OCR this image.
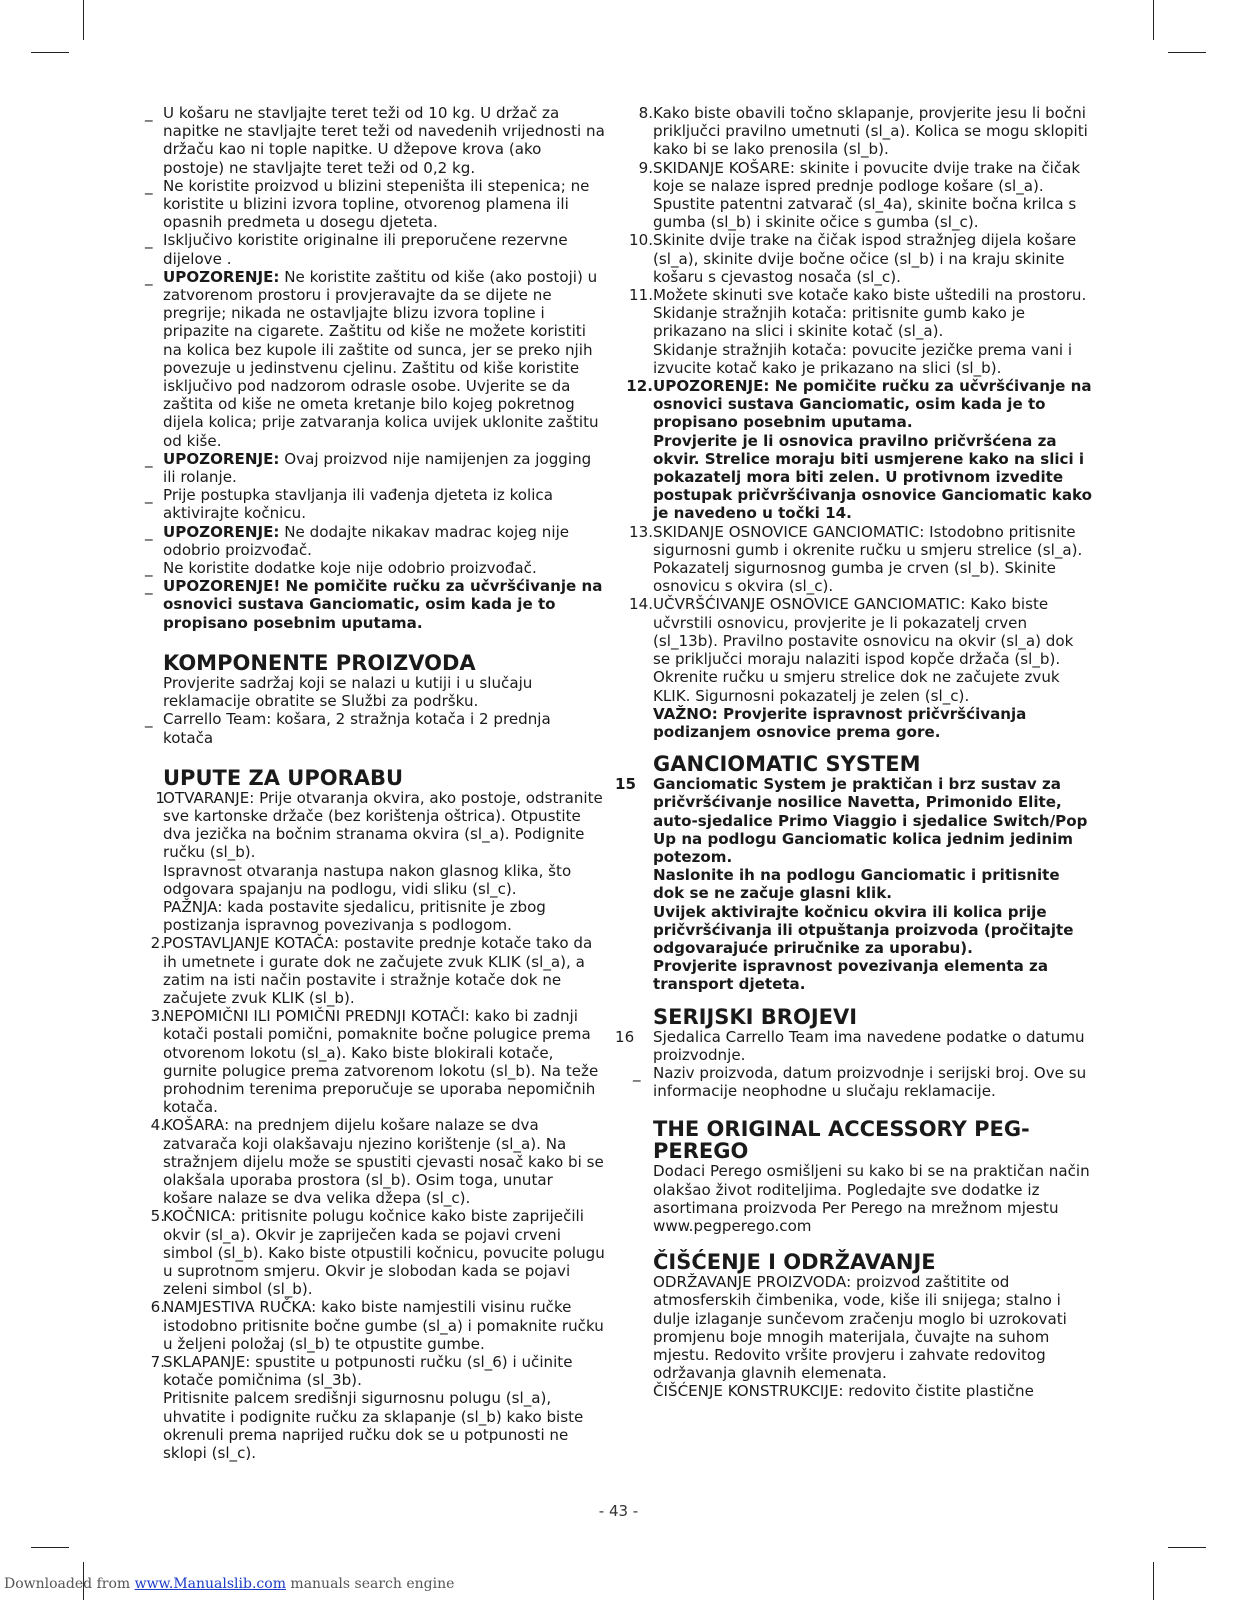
_ U košaru ne stavljajte teret teži od 10 kg. U držač za napitke ne stavljajte teret teži od navedenih vrijednosti na držaču kao ni tople napitke. U džepove krova (ako postoje) ne stavljajte teret teži od 0,2 kg.
_ Ne koristite proizvod u blizini stepeništa ili stepenica; ne koristite u blizini izvora topline, otvorenog plamena ili opasnih predmeta u dosegu djeteta.
_ Isključivo koristite originalne ili preporučene rezervne dijelove .
_ UPOZORENJE: Ne koristite zaštitu od kiše (ako postoji) u zatvorenom prostoru i provjeravajte da se dijete ne pregrije; nikada ne ostavljajte blizu izvora topline i pripazite na cigarete. Zaštitu od kiše ne možete koristiti na kolica bez kupole ili zaštite od sunca, jer se preko njih povezuje u jedinstvenu cjelinu. Zaštitu od kiše koristite isključivo pod nadzorom odrasle osobe. Uvjerite se da zaštita od kiše ne ometa kretanje bilo kojeg pokretnog dijela kolica; prije zatvaranja kolica uvijek uklonite zaštitu od kiše.
_ UPOZORENJE: Ovaj proizvod nije namijenjen za jogging ili rolanje.
_ Prije postupka stavljanja ili vađenja djeteta iz kolica aktivirajte kočnicu.
_ UPOZORENJE: Ne dodajte nikakav madrac kojeg nije odobrio proizvođač.
_ Ne koristite dodatke koje nije odobrio proizvođač.
_ UPOZORENJE! Ne pomičite ručku za učvršćivanje na osnovici sustava Ganciomatic, osim kada je to propisano posebnim uputama.
KOMPONENTE PROIZVODA
Provjerite sadržaj koji se nalazi u kutiji i u slučaju reklamacije obratite se Službi za podršku.
_ Carrello Team: košara, 2 stražnja kotača i 2 prednja kotača
UPUTE ZA UPORABU
1
OTVARANJE: Prije otvaranja okvira, ako postoje, odstranite sve kartonske držače (bez korištenja oštrica). Otpustite dva jezička na bočnim stranama okvira (sl_a). Podignite ručku (sl_b).
Ispravnost otvaranja nastupa nakon glasnog klika, što odgovara spajanju na podlogu, vidi sliku (sl_c).
PAŽNJA: kada postavite sjedalicu, pritisnite je zbog postizanja ispravnog povezivanja s podlogom.
2.
POSTAVLJANJE KOTAČA: postavite prednje kotače tako da ih umetnete i gurate dok ne začujete zvuk KLIK (sl_a), a zatim na isti način postavite i stražnje kotače dok ne začujete zvuk KLIK (sl_b).
3.
NEPOMIČNI ILI POMIČNI PREDNJI KOTAČI: kako bi zadnji kotači postali pomični, pomaknite bočne polugice prema otvorenom lokotu (sl_a). Kako biste blokirali kotače, gurnite polugice prema zatvorenom lokotu (sl_b). Na teže prohodnim terenima preporučuje se uporaba nepomičnih kotača.
4.
KOŠARA: na prednjem dijelu košare nalaze se dva zatvarača koji olakšavaju njezino korištenje (sl_a). Na stražnjem dijelu može se spustiti cjevasti nosač kako bi se olakšala uporaba prostora (sl_b). Osim toga, unutar košare nalaze se dva velika džepa (sl_c).
5.
KOČNICA: pritisnite polugu kočnice kako biste zapriječili okvir (sl_a). Okvir je zapriječen kada se pojavi crveni simbol (sl_b). Kako biste otpustili kočnicu, povucite polugu u suprotnom smjeru. Okvir je slobodan kada se pojavi zeleni simbol (sl_b).
6.
NAMJESTIVA RUČKA: kako biste namjestili visinu ručke istodobno pritisnite bočne gumbe (sl_a) i pomaknite ručku u željeni položaj (sl_b) te otpustite gumbe.
7.
SKLAPANJE: spustite u potpunosti ručku (sl_6) i učinite kotače pomičnima (sl_3b).
Pritisnite palcem središnji sigurnosnu polugu (sl_a), uhvatite i podignite ručku za sklapanje (sl_b) kako biste okrenuli prema naprijed ručku dok se u potpunosti ne sklopi (sl_c).
8. Kako biste obavili točno sklapanje, provjerite jesu li bočni priključci pravilno umetnuti (sl_a). Kolica se mogu sklopiti kako bi se lako prenosila (sl_b).
9. SKIDANJE KOŠARE: skinite i povucite dvije trake na čičak koje se nalaze ispred prednje podloge košare (sl_a). Spustite patentni zatvarač (sl_4a), skinite bočna krilca s gumba (sl_b) i skinite očice s gumba (sl_c).
10. Skinite dvije trake na čičak ispod stražnjeg dijela košare (sl_a), skinite dvije bočne očice (sl_b) i na kraju skinite košaru s cjevastog nosača (sl_c).
11. Možete skinuti sve kotače kako biste uštedili na prostoru.
Skidanje stražnjih kotača: pritisnite gumb kako je prikazano na slici i skinite kotač (sl_a).
Skidanje stražnjih kotača: povucite jezičke prema vani i izvucite kotač kako je prikazano na slici (sl_b).
12. UPOZORENJE: Ne pomičite ručku za učvršćivanje na osnovici sustava Ganciomatic, osim kada je to propisano posebnim uputama.
Provjerite je li osnovica pravilno pričvršćena za okvir. Strelice moraju biti usmjerene kako na slici i pokazatelj mora biti zelen. U protivnom izvedite postupak pričvršćivanja osnovice Ganciomatic kako je navedeno u točki 14.
13. SKIDANJE OSNOVICE GANCIOMATIC: Istodobno pritisnite sigurnosni gumb i okrenite ručku u smjeru strelice (sl_a). Pokazatelj sigurnosnog gumba je crven (sl_b). Skinite osnovicu s okvira (sl_c).
14. UČVRŠĆIVANJE OSNOVICE GANCIOMATIC: Kako biste učvrstili osnovicu, provjerite je li pokazatelj crven (sl_13b). Pravilno postavite osnovicu na okvir (sl_a) dok se priključci moraju nalaziti ispod kopče držača (sl_b). Okrenite ručku u smjeru strelice dok ne začujete zvuk KLIK. Sigurnosni pokazatelj je zelen (sl_c).
VAŽNO: Provjerite ispravnost pričvršćivanja podizanjem osnovice prema gore.
GANCIOMATIC SYSTEM
15	Ganciomatic System je praktičan i brz sustav za pričvršćivanje nosilice Navetta, Primonido Elite, auto-sjedalice Primo Viaggio i sjedalice Switch/Pop Up na podlogu Ganciomatic kolica jednim jedinim potezom.
Naslonite ih na podlogu Ganciomatic i pritisnite dok se ne začuje glasni klik.
Uvijek aktivirajte kočnicu okvira ili kolica prije pričvršćivanja ili otpuštanja proizvoda (pročitajte odgovarajuće priručnike za uporabu).
Provjerite ispravnost povezivanja elementa za transport djeteta.
SERIJSKI BROJEVI
16	Sjedalica Carrello Team ima navedene podatke o datumu proizvodnje.
_ Naziv proizvoda, datum proizvodnje i serijski broj. Ove su informacije neophodne u slučaju reklamacije.
THE ORIGINAL ACCESSORY PEG-PEREGO
Dodaci Perego osmišljeni su kako bi se na praktičan način olakšao život roditeljima. Pogledajte sve dodatke iz asortimana proizvoda Per Perego na mrežnom mjestu www.pegperego.com
ČIŠĆENJE I ODRŽAVANJE
ODRŽAVANJE PROIZVODA: proizvod zaštitite od atmosferskih čimbenika, vode, kiše ili snijega; stalno i dulje izlaganje sunčevom zračenju moglo bi uzrokovati promjenu boje mnogih materijala, čuvajte na suhom mjestu. Redovito vršite provjeru i zahvate redovitog održavanja glavnih elemenata.
ČIŠĆENJE KONSTRUKCIJE: redovito čistite plastične
- 43 -
Downloaded from www.Manualslib.com manuals search engine
